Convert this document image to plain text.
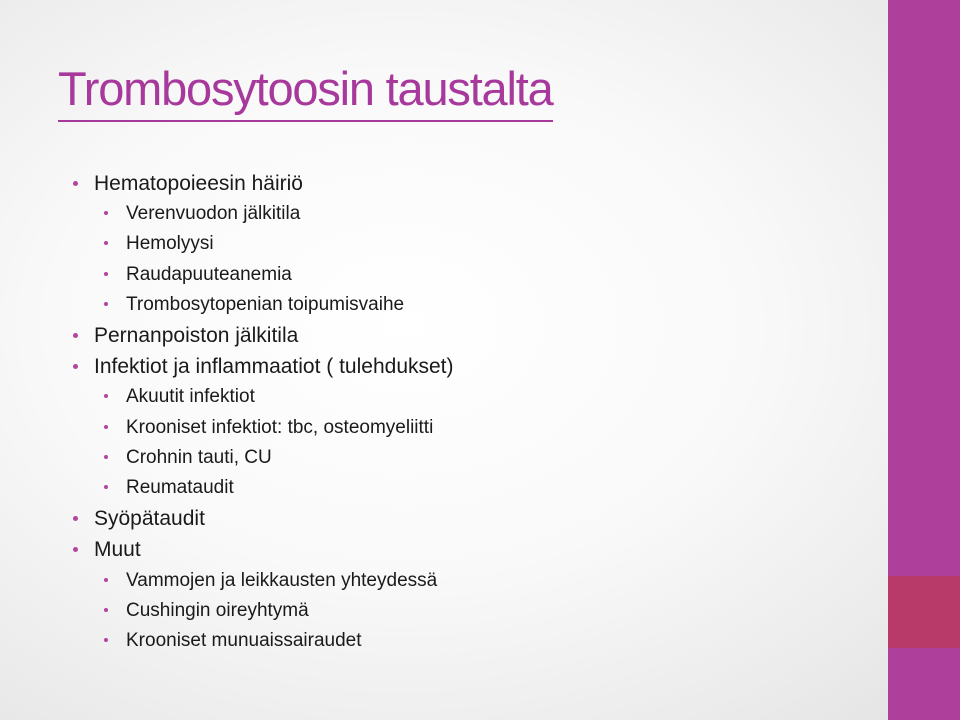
Trombosytoosin taustalta
Hematopoieesin häiriö
Verenvuodon jälkitila
Hemolyysi
Raudapuuteanemia
Trombosytopenian toipumisvaihe
Pernanpoiston jälkitila
Infektiot ja inflammaatiot ( tulehdukset)
Akuutit infektiot
Krooniset infektiot: tbc, osteomyeliitti
Crohnin tauti, CU
Reumataudit
Syöpätaudit
Muut
Vammojen ja leikkausten yhteydessä
Cushingin oireyhtymä
Krooniset munuaissairaudet
